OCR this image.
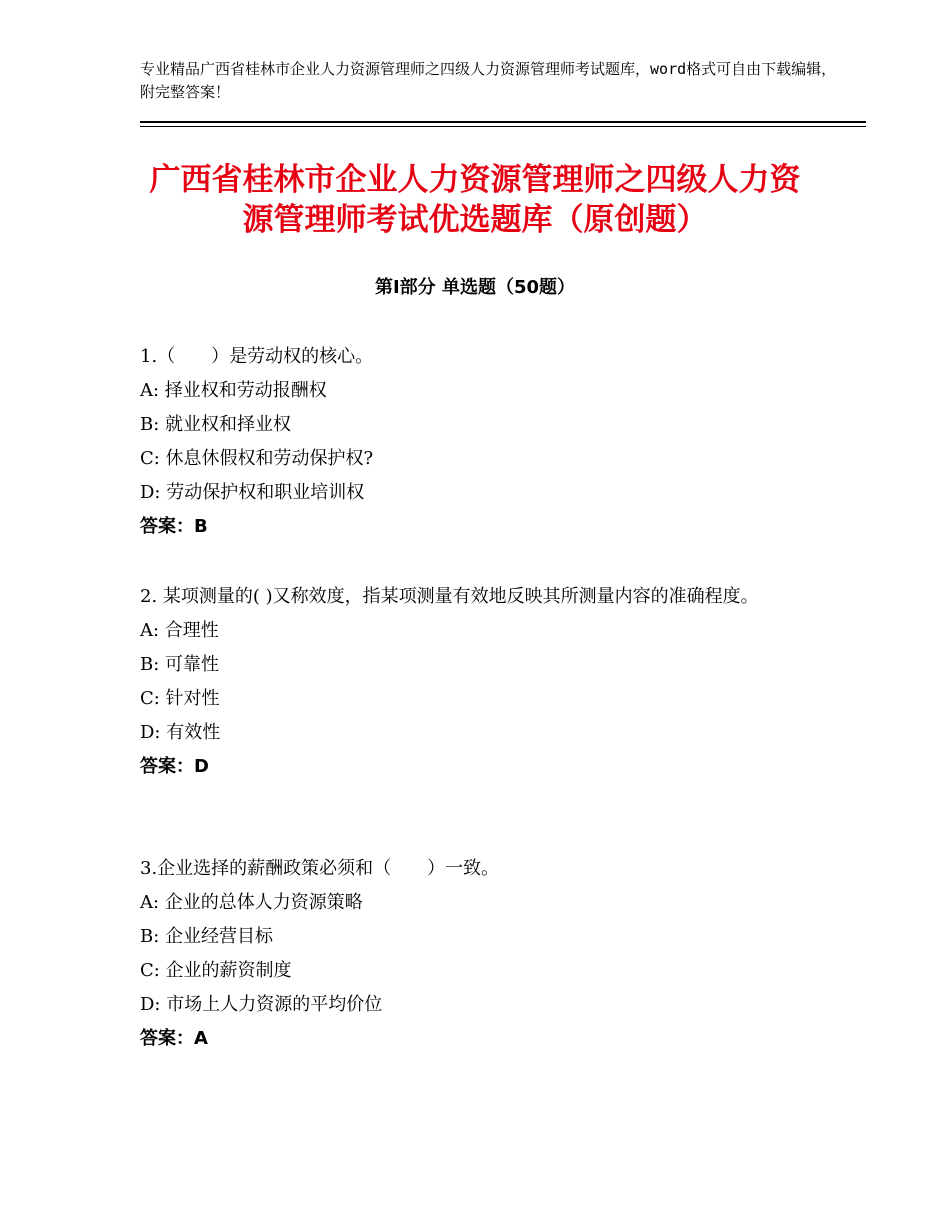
专业精品广西省桂林市企业人力资源管理师之四级人力资源管理师考试题库，word格式可自由下载编辑，附完整答案！
广西省桂林市企业人力资源管理师之四级人力资源管理师考试优选题库（原创题）
第Ⅰ部分 单选题（50题）
1.（　　）是劳动权的核心。
A: 择业权和劳动报酬权
B: 就业权和择业权
C: 休息休假权和劳动保护权?
D: 劳动保护权和职业培训权
答案：B
2. 某项测量的( )又称效度，指某项测量有效地反映其所测量内容的准确程度。
A: 合理性
B: 可靠性
C: 针对性
D: 有效性
答案：D
3.企业选择的薪酬政策必须和（　　）一致。
A: 企业的总体人力资源策略
B: 企业经营目标
C: 企业的薪资制度
D: 市场上人力资源的平均价位
答案：A
